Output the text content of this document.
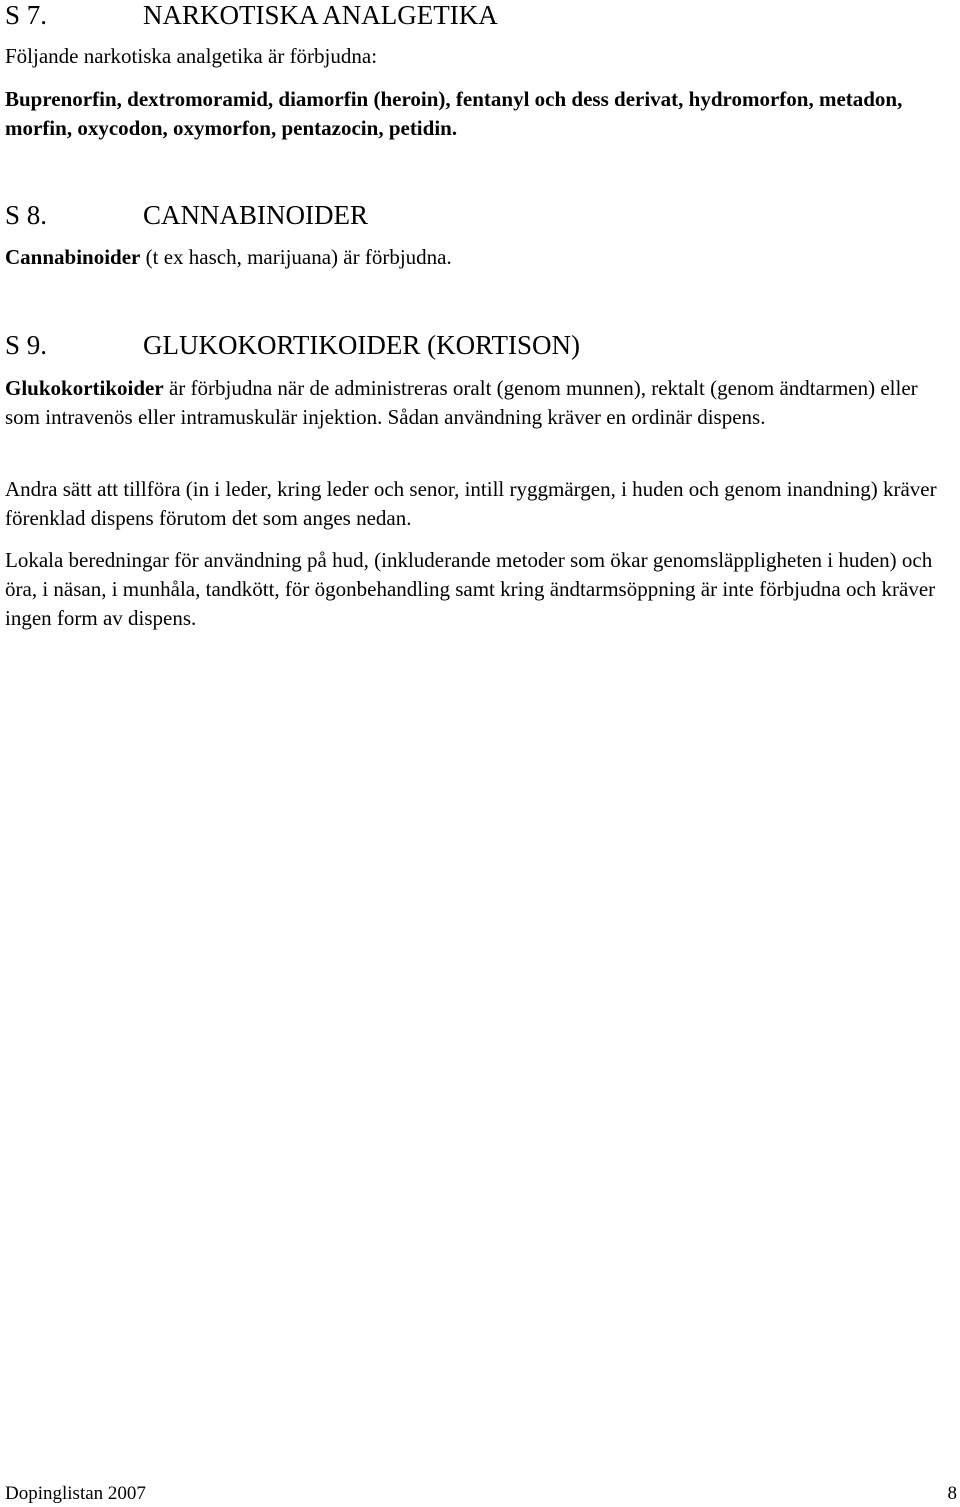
S 7.	NARKOTISKA ANALGETIKA

Följande narkotiska analgetika är förbjudna:

Buprenorfin, dextromoramid, diamorfin (heroin), fentanyl och dess derivat, hydromorfon, metadon, morfin, oxycodon, oxymorfon, pentazocin, petidin.

S 8.	CANNABINOIDER

Cannabinoider (t ex hasch, marijuana) är förbjudna.

S 9.	GLUKOKORTIKOIDER (KORTISON)

Glukokortikoider är förbjudna när de administreras oralt (genom munnen), rektalt (genom ändtarmen) eller som intravenös eller intramuskulär injektion. Sådan användning kräver en ordinär dispens.

Andra sätt att tillföra (in i leder, kring leder och senor, intill ryggmärgen, i huden och genom inandning) kräver förenklad dispens förutom det som anges nedan.

Lokala beredningar för användning på hud, (inkluderande metoder som ökar genomsläppligheten i huden) och öra, i näsan, i munhåla, tandkött, för ögonbehandling samt kring ändtarmsöppning är inte förbjudna och kräver ingen form av dispens.

Dopinglistan 2007	8
